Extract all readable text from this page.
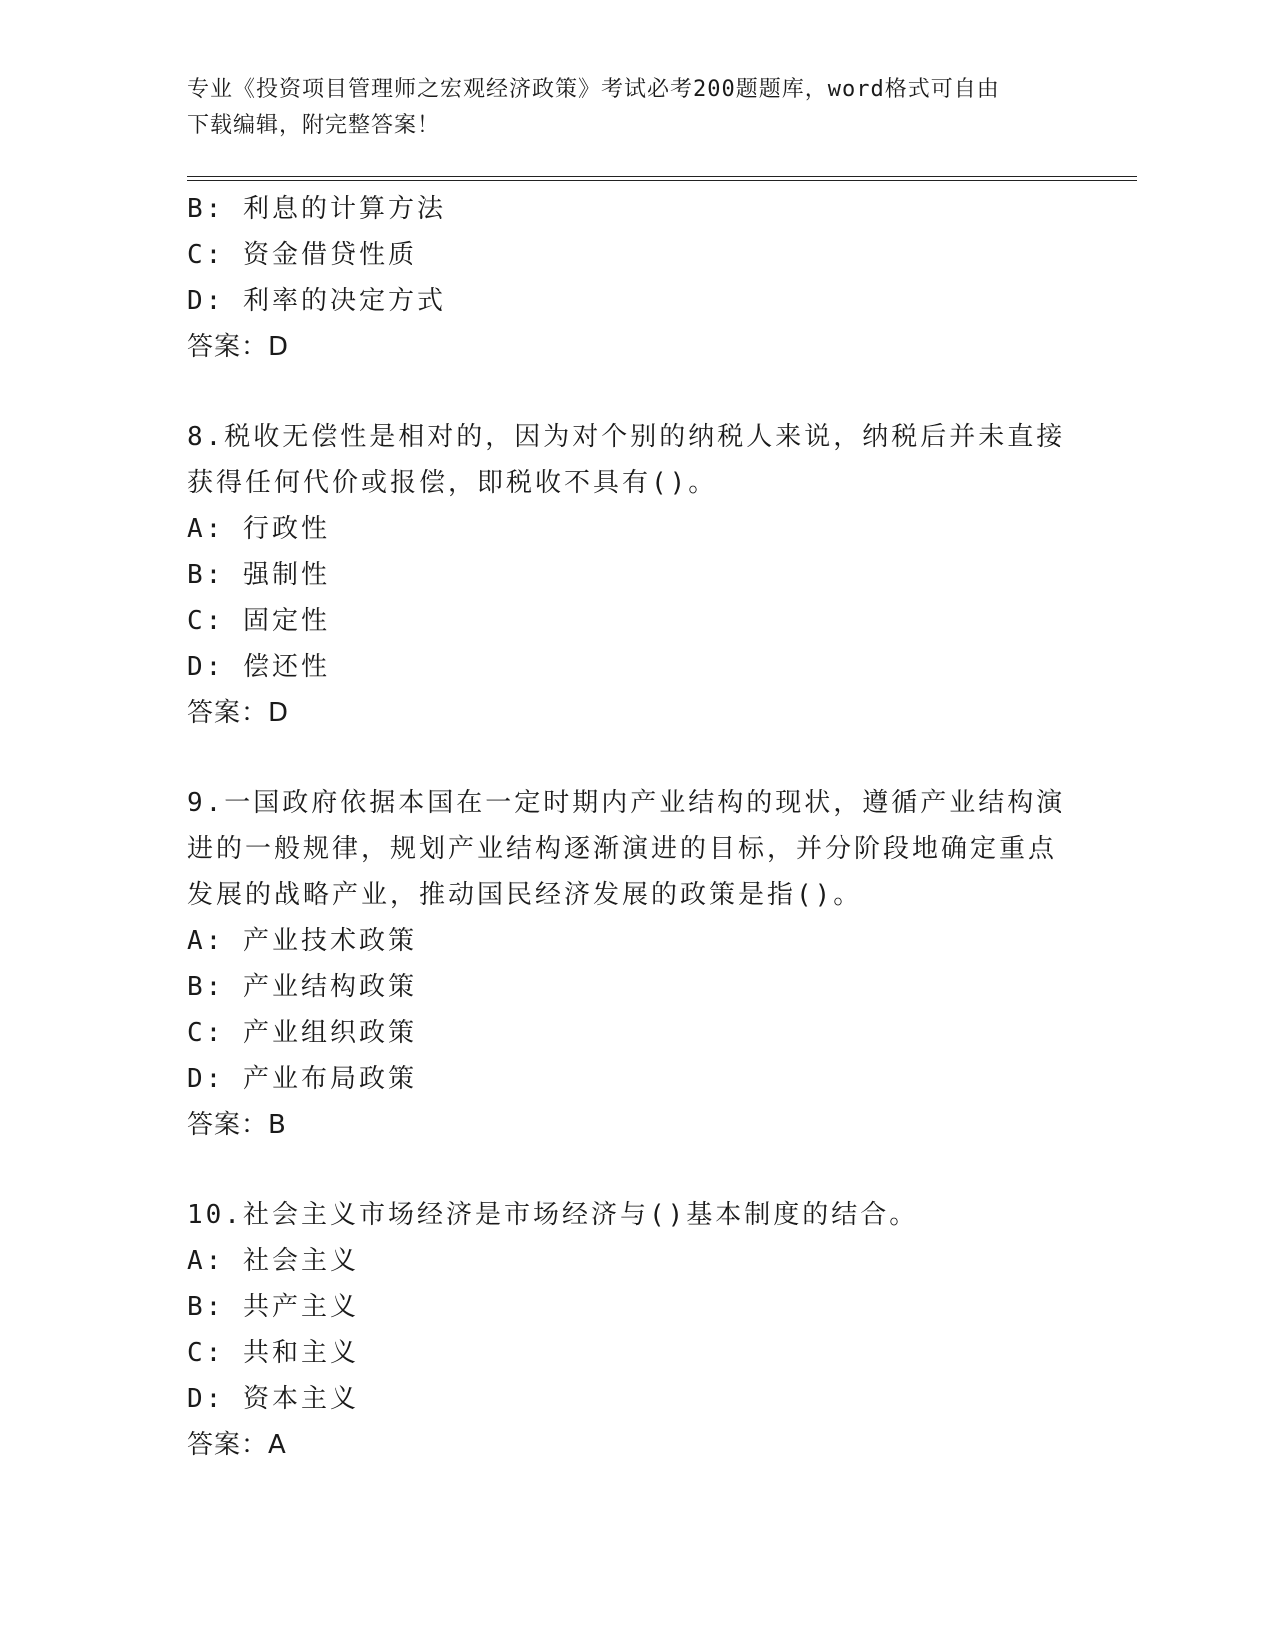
专业《投资项目管理师之宏观经济政策》考试必考200题题库，word格式可自由
下载编辑，附完整答案！
B: 利息的计算方法
C: 资金借贷性质
D: 利率的决定方式
答案：D
8.税收无偿性是相对的，因为对个别的纳税人来说，纳税后并未直接
获得任何代价或报偿，即税收不具有()。
A: 行政性
B: 强制性
C: 固定性
D: 偿还性
答案：D
9.一国政府依据本国在一定时期内产业结构的现状，遵循产业结构演
进的一般规律，规划产业结构逐渐演进的目标，并分阶段地确定重点
发展的战略产业，推动国民经济发展的政策是指()。
A: 产业技术政策
B: 产业结构政策
C: 产业组织政策
D: 产业布局政策
答案：B
10.社会主义市场经济是市场经济与()基本制度的结合。
A: 社会主义
B: 共产主义
C: 共和主义
D: 资本主义
答案：A
